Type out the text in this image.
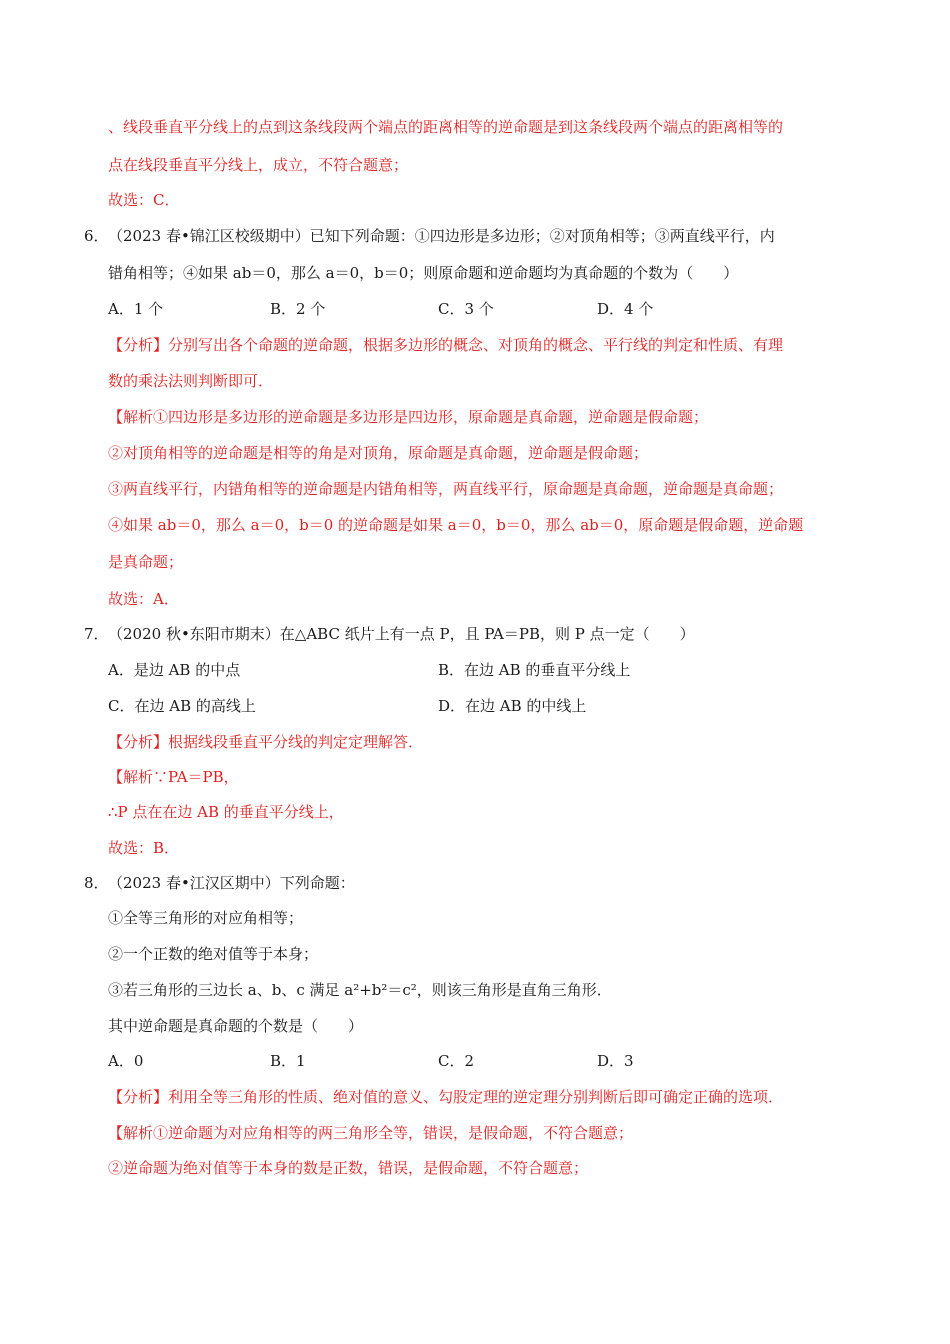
、线段垂直平分线上的点到这条线段两个端点的距离相等的逆命题是到这条线段两个端点的距离相等的
点在线段垂直平分线上，成立，不符合题意；
故选：C．
6． （2023 春•锦江区校级期中）已知下列命题：①四边形是多边形；②对顶角相等；③两直线平行，内
错角相等；④如果 ab＝0，那么 a＝0，b＝0；则原命题和逆命题均为真命题的个数为（　　）
A．1 个	B．2 个	C．3 个	D．4 个
【分析】分别写出各个命题的逆命题，根据多边形的概念、对顶角的概念、平行线的判定和性质、有理
数的乘法法则判断即可．
【解析①四边形是多边形的逆命题是多边形是四边形，原命题是真命题，逆命题是假命题；
②对顶角相等的逆命题是相等的角是对顶角，原命题是真命题，逆命题是假命题；
③两直线平行，内错角相等的逆命题是内错角相等，两直线平行，原命题是真命题，逆命题是真命题；
④如果 ab＝0，那么 a＝0，b＝0 的逆命题是如果 a＝0，b＝0，那么 ab＝0，原命题是假命题，逆命题
是真命题；
故选：A．
7． （2020 秋•东阳市期末）在△ABC 纸片上有一点 P，且 PA＝PB，则 P 点一定（　　）
A．是边 AB 的中点	B．在边 AB 的垂直平分线上
C．在边 AB 的高线上	D．在边 AB 的中线上
【分析】根据线段垂直平分线的判定定理解答．
【解析∵PA＝PB，
∴P 点在在边 AB 的垂直平分线上，
故选：B．
8． （2023 春•江汉区期中）下列命题：
①全等三角形的对应角相等；
②一个正数的绝对值等于本身；
③若三角形的三边长 a、b、c 满足 a²+b²＝c²，则该三角形是直角三角形．
其中逆命题是真命题的个数是（　　）
A．0	B．1	C．2	D．3
【分析】利用全等三角形的性质、绝对值的意义、勾股定理的逆定理分别判断后即可确定正确的选项．
【解析①逆命题为对应角相等的两三角形全等，错误，是假命题，不符合题意；
②逆命题为绝对值等于本身的数是正数，错误，是假命题，不符合题意；
